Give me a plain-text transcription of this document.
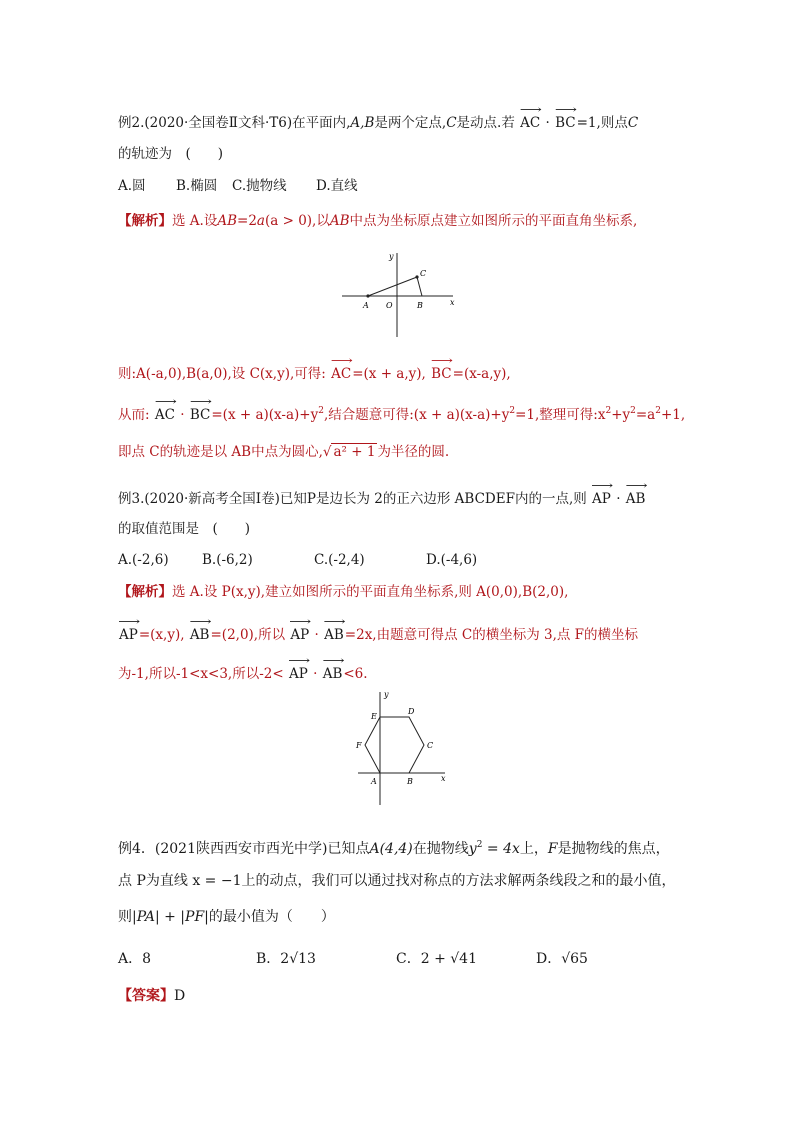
例2.(2020·全国卷Ⅱ文科·T6)在平面内,A,B是两个定点,C是动点.若 ⟶ AC · ⟶ BC=1,则点C
的轨迹为　(　　)
A.圆 B.椭圆 C.抛物线 D.直线
【解析】选 A.设AB=2a(a > 0),以AB中点为坐标原点建立如图所示的平面直角坐标系,
y
x
A O	B
C
则:A(-a,0),B(a,0),设 C(x,y),可得: ⟶ AC=(x + a,y), ⟶ BC=(x-a,y),
从而: ⟶ AC · ⟶ $BC=(x + a)(x-a)+y^2$,结合题意可得:(x + $a)(x-a)+y^2=1$,整理可得$:x^2+y^2=a^2+1$,
即点 C的轨迹是以 AB中点为圆心,√ a² + 1 为半径的圆.
例3.(2020·新高考全国Ⅰ卷)已知P是边长为 2的正六边形 ABCDEF内的一点,则 ⟶ AP · ⟶ AB
的取值范围是　(　　)
A.(-2,6) B.(-6,2)	C.(-2,4)	D.(-4,6)
【解析】选 A.设 P(x,y),建立如图所示的平面直角坐标系,则 A(0,0),B(2,0),
⟶ AP=(x,y), ⟶ AB=(2,0),所以 ⟶ AP · ⟶ AB=2x,由题意可得点 C的横坐标为 3,点 F的横坐标
为-1,所以-1<x<3,所以-2< ⟶ AP · ⟶ AB<6.
y
x
A	B
C
D
E
F
例4．(2021陕西西安市西光中学)已知点A(4,4)在抛物线$y^2 = 4x$上，F是抛物线的焦点，
点 P为直线 x = −1上的动点，我们可以通过找对称点的方法求解两条线段之和的最小值，
则|PA| + |PF|的最小值为（　　）
A．8	B．2√13	C．2 + √41	D．√65
【答案】D
